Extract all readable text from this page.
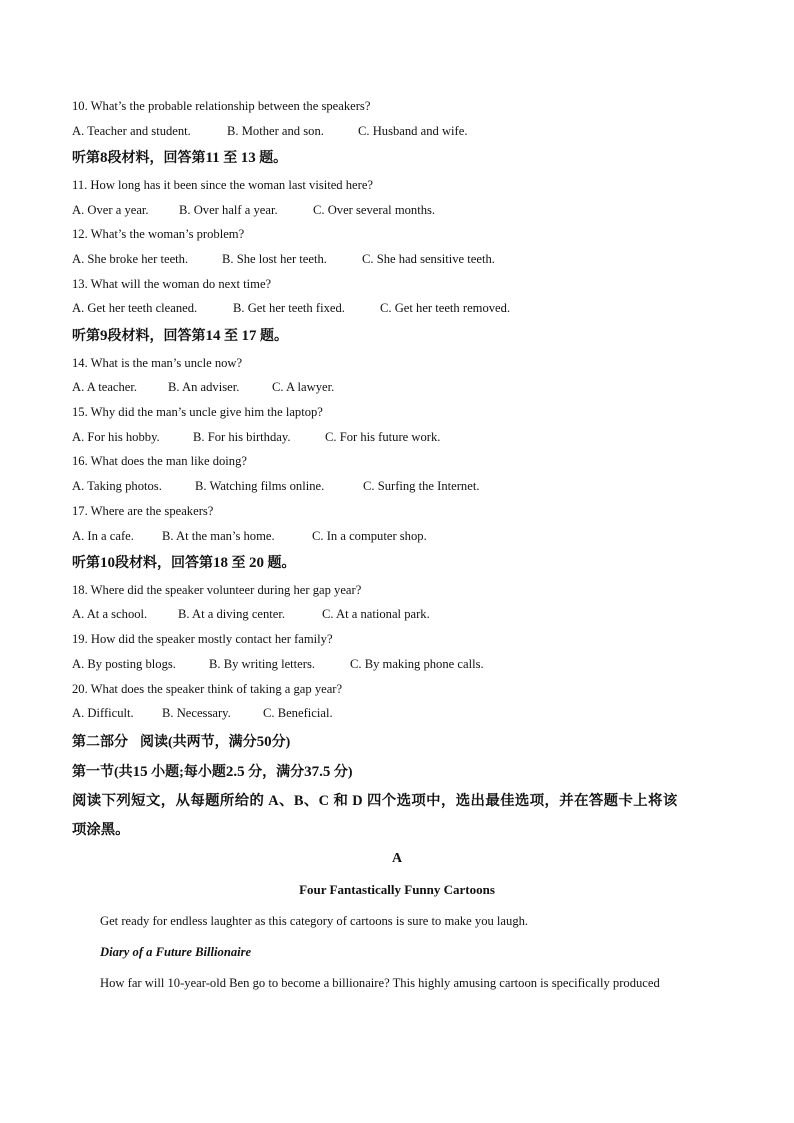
10. What’s the probable relationship between the speakers?
A. Teacher and student.	B. Mother and son.	C. Husband and wife.
听第8段材料，回答第11 至 13 题。
11. How long has it been since the woman last visited here?
A. Over a year. B. Over half a year.	C. Over several months.
12. What’s the woman’s problem?
A. She broke her teeth.	B. She lost her teeth.	C. She had sensitive teeth.
13. What will the woman do next time?
A. Get her teeth cleaned.	B. Get her teeth fixed.	C. Get her teeth removed.
听第9段材料，回答第14 至 17 题。
14. What is the man’s uncle now?
A. A teacher. B. An adviser.	C. A lawyer.
15. Why did the man’s uncle give him the laptop?
A. For his hobby.	B. For his birthday.	C. For his future work.
16. What does the man like doing?
A. Taking photos.	B. Watching films online.	C. Surfing the Internet.
17. Where are the speakers?
A. In a cafe. B. At the man’s home.	C. In a computer shop.
听第10段材料，回答第18 至 20 题。
18. Where did the speaker volunteer during her gap year?
A. At a school. B. At a diving center.	C. At a national park.
19. How did the speaker mostly contact her family?
A. By posting blogs.	B. By writing letters.	C. By making phone calls.
20. What does the speaker think of taking a gap year?
A. Difficult. B. Necessary.	C. Beneficial.
第二部分 阅读(共两节，满分50分)
第一节(共15 小题;每小题2.5 分，满分37.5 分)
阅读下列短文，从每题所给的 A、B、C 和 D 四个选项中，选出最佳选项，并在答题卡上将该
项涂黑。
A
Four Fantastically Funny Cartoons
Get ready for endless laughter as this category of cartoons is sure to make you laugh.
Diary of a Future Billionaire
How far will 10-year-old Ben go to become a billionaire? This highly amusing cartoon is specifically produced
